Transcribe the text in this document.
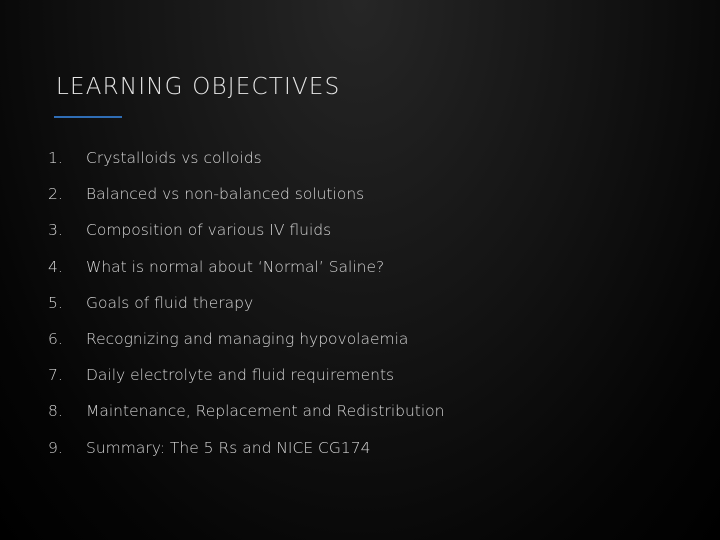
LEARNING OBJECTIVES
1.	Crystalloids vs colloids
2.	Balanced vs non-balanced solutions
3.	Composition of various IV fluids
4.	What is normal about ‘Normal’ Saline?
5.	Goals of fluid therapy
6.	Recognizing and managing hypovolaemia
7.	Daily electrolyte and fluid requirements
8.	Maintenance, Replacement and Redistribution
9.	Summary: The 5 Rs and NICE CG174
